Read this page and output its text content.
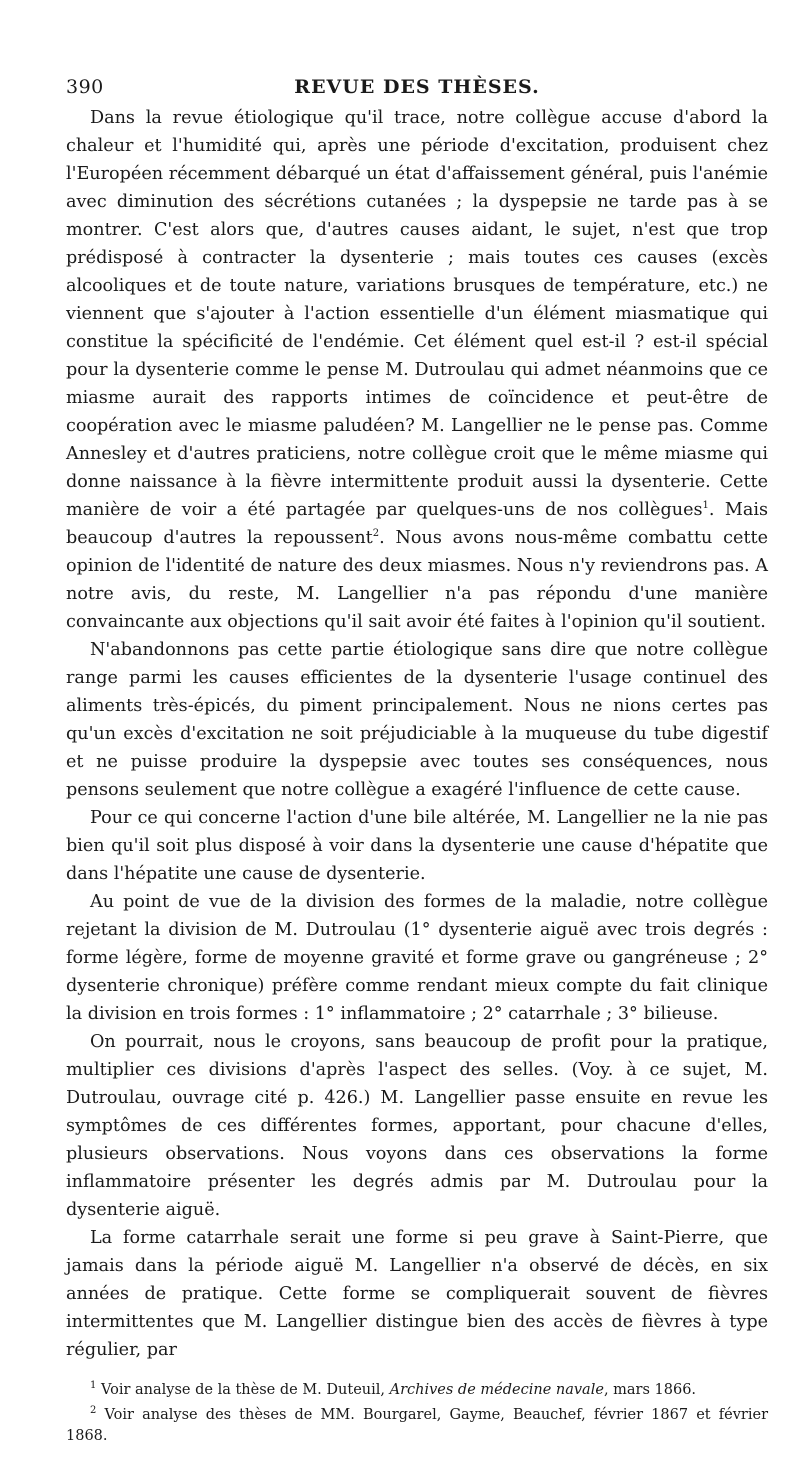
390	REVUE DES THÈSES.

Dans la revue étiologique qu'il trace, notre collègue accuse d'abord la chaleur et l'humidité qui, après une période d'excitation, produisent chez l'Européen récemment débarqué un état d'affaissement général, puis l'anémie avec diminution des sécrétions cutanées ; la dyspepsie ne tarde pas à se montrer. C'est alors que, d'autres causes aidant, le sujet, n'est que trop prédisposé à contracter la dysenterie ; mais toutes ces causes (excès alcooliques et de toute nature, variations brusques de température, etc.) ne viennent que s'ajouter à l'action essentielle d'un élément miasmatique qui constitue la spécificité de l'endémie. Cet élément quel est-il ? est-il spécial pour la dysenterie comme le pense M. Dutroulau qui admet néanmoins que ce miasme aurait des rapports intimes de coïncidence et peut-être de coopération avec le miasme paludéen? M. Langellier ne le pense pas. Comme Annesley et d'autres praticiens, notre collègue croit que le même miasme qui donne naissance à la fièvre intermittente produit aussi la dysenterie. Cette manière de voir a été partagée par quelques-uns de nos collègues$^1$. Mais beaucoup d'autres la repoussent$^2$. Nous avons nous-même combattu cette opinion de l'identité de nature des deux miasmes. Nous n'y reviendrons pas. A notre avis, du reste, M. Langellier n'a pas répondu d'une manière convaincante aux objections qu'il sait avoir été faites à l'opinion qu'il soutient.

N'abandonnons pas cette partie étiologique sans dire que notre collègue range parmi les causes efficientes de la dysenterie l'usage continuel des aliments très-épicés, du piment principalement. Nous ne nions certes pas qu'un excès d'excitation ne soit préjudiciable à la muqueuse du tube digestif et ne puisse produire la dyspepsie avec toutes ses conséquences, nous pensons seulement que notre collègue a exagéré l'influence de cette cause.

Pour ce qui concerne l'action d'une bile altérée, M. Langellier ne la nie pas bien qu'il soit plus disposé à voir dans la dysenterie une cause d'hépatite que dans l'hépatite une cause de dysenterie.

Au point de vue de la division des formes de la maladie, notre collègue rejetant la division de M. Dutroulau (1° dysenterie aiguë avec trois degrés : forme légère, forme de moyenne gravité et forme grave ou gangréneuse ; 2° dysenterie chronique) préfère comme rendant mieux compte du fait clinique la division en trois formes : 1° inflammatoire ; 2° catarrhale ; 3° bilieuse.

On pourrait, nous le croyons, sans beaucoup de profit pour la pratique, multiplier ces divisions d'après l'aspect des selles. (Voy. à ce sujet, M. Dutroulau, ouvrage cité p. 426.) M. Langellier passe ensuite en revue les symptômes de ces différentes formes, apportant, pour chacune d'elles, plusieurs observations. Nous voyons dans ces observations la forme inflammatoire présenter les degrés admis par M. Dutroulau pour la dysenterie aiguë.

La forme catarrhale serait une forme si peu grave à Saint-Pierre, que jamais dans la période aiguë M. Langellier n'a observé de décès, en six années de pratique. Cette forme se compliquerait souvent de fièvres intermittentes que M. Langellier distingue bien des accès de fièvres à type régulier, par

$^1$ Voir analyse de la thèse de M. Duteuil, Archives de médecine navale, mars 1866.

$^2$ Voir analyse des thèses de MM. Bourgarel, Gayme, Beauchef, février 1867 et février 1868.
